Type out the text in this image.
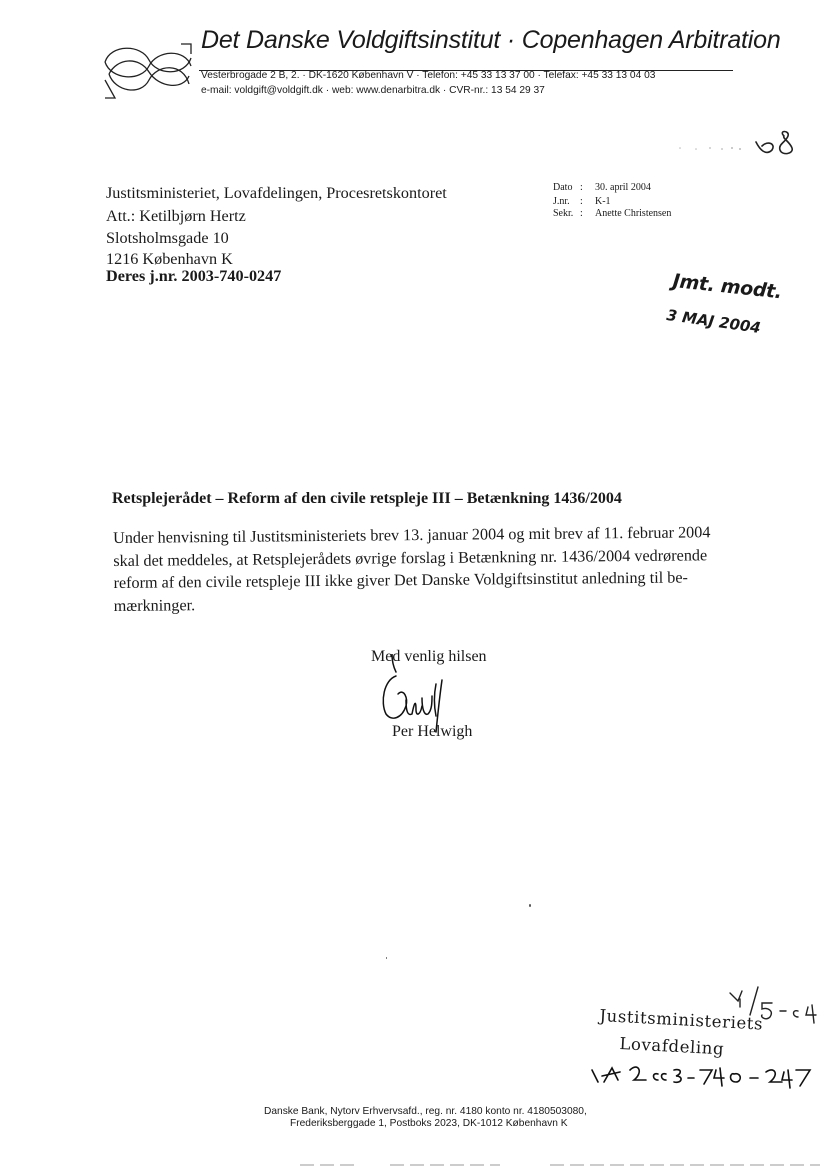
Det Danske Voldgiftsinstitut · Copenhagen Arbitration
Vesterbrogade 2 B, 2. · DK-1620 København V · Telefon: +45 33 13 37 00 · Telefax: +45 33 13 04 03
e-mail: voldgift@voldgift.dk · web: www.denarbitra.dk · CVR-nr.: 13 54 29 37
Justitsministeriet, Lovafdelingen, Procesretskontoret
Att.: Ketilbjørn Hertz
Slotsholmsgade 10
1216 København K
Deres j.nr. 2003-740-0247
Dato : 30. april 2004
J.nr. : K-1
Sekr. : Anette Christensen
Jmt. modt.
3 MAJ 2004
Retsplejerådet – Reform af den civile retspleje III – Betænkning 1436/2004
Under henvisning til Justitsministeriets brev 13. januar 2004 og mit brev af 11. februar 2004
skal det meddeles, at Retsplejerådets øvrige forslag i Betænkning nr. 1436/2004 vedrørende
reform af den civile retspleje III ikke giver Det Danske Voldgiftsinstitut anledning til be-
mærkninger.
Med venlig hilsen
Per Helwigh
Justitsministeriets
Lovafdeling
Danske Bank, Nytorv Erhvervsafd., reg. nr. 4180 konto nr. 4180503080,
Frederiksberggade 1, Postboks 2023, DK-1012 København K
